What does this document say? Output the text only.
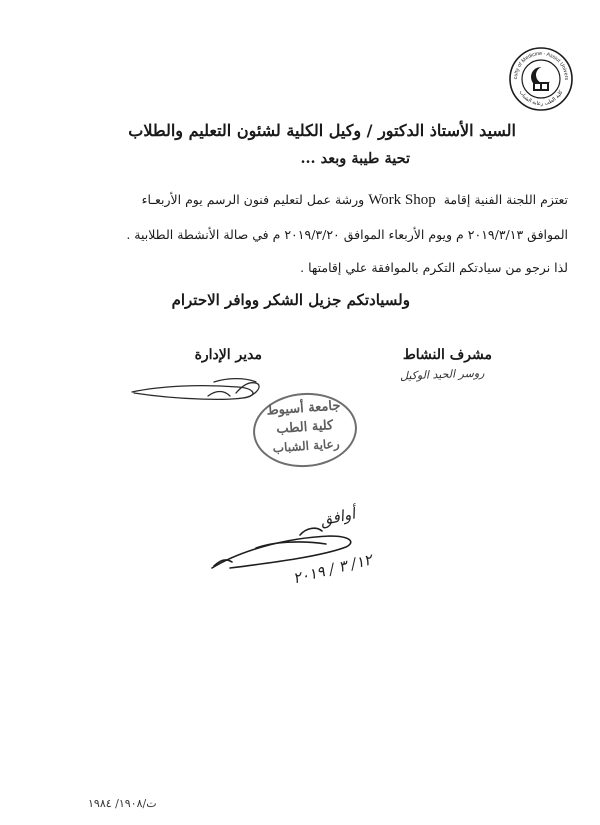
culty of Medicine - Assiut Univers
كلية الطب رعاية الشباب
السيد الأستاذ الدكتور / وكيل الكلية لشئون التعليم والطلاب
تحية طيبة وبعد ...
تعتزم اللجنة الفنية إقامة  Work Shop ورشة عمل لتعليم فنون الرسم يوم الأربعـاء
الموافق ٢٠١٩/٣/١٣ م ويوم الأربعاء الموافق ٢٠١٩/٣/٢٠ م في صالة الأنشطة الطلابية .
لذا نرجو من سيادتكم التكرم بالموافقة علي إقامتها .
ولسيادتكم جزيل الشكر ووافر الاحترام
مشرف النشاط
مدير الإدارة
روسر الحيد الوكيل
جامعة أسيوط
كلية الطب
رعاية الشباب
أوافق
١٢/ ٣ / ٢٠١٩
ت/١٩٠٨/ ١٩٨٤
